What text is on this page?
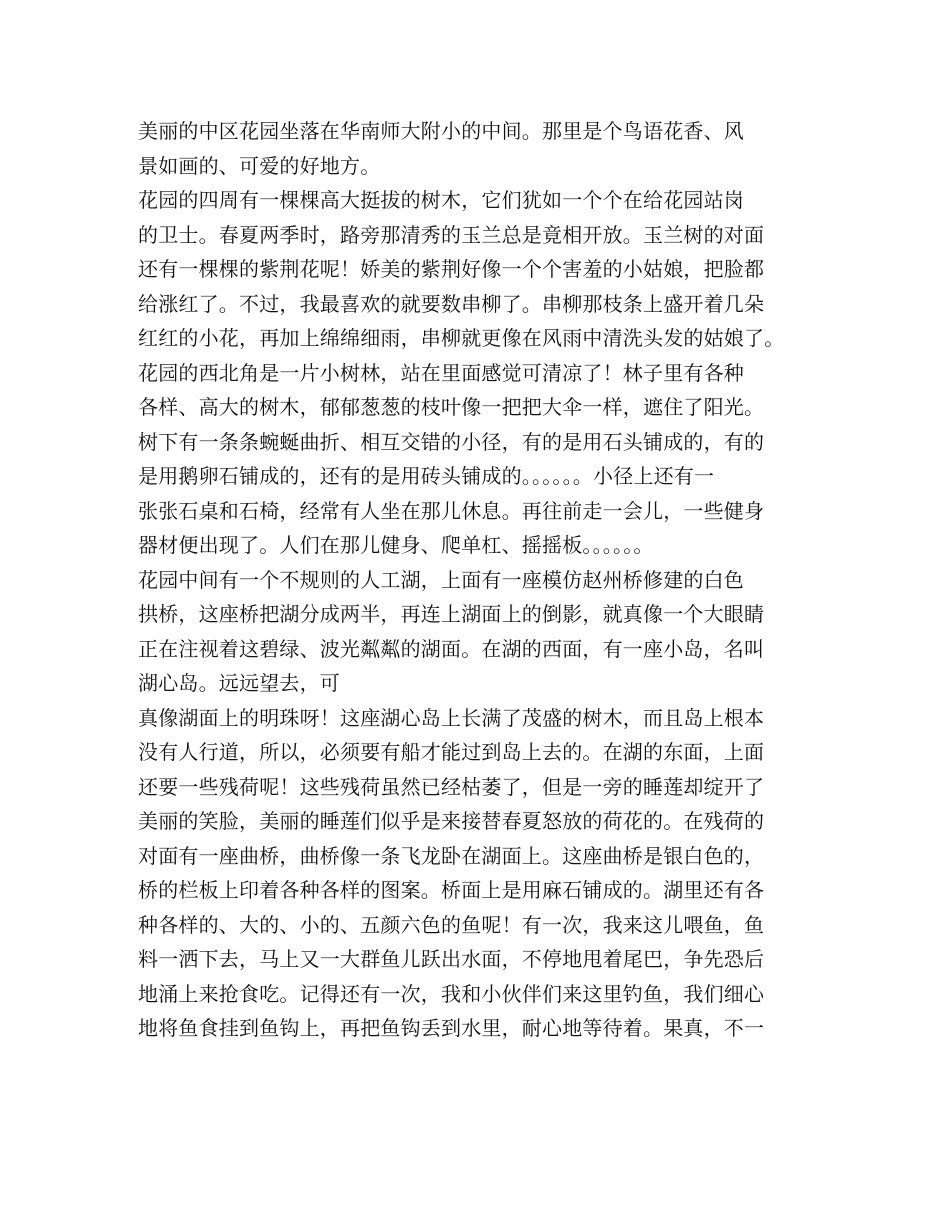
美丽的中区花园坐落在华南师大附小的中间。那里是个鸟语花香、风
景如画的、可爱的好地方。
花园的四周有一棵棵高大挺拔的树木，它们犹如一个个在给花园站岗
的卫士。春夏两季时，路旁那清秀的玉兰总是竟相开放。玉兰树的对面
还有一棵棵的紫荆花呢！娇美的紫荆好像一个个害羞的小姑娘，把脸都
给涨红了。不过，我最喜欢的就要数串柳了。串柳那枝条上盛开着几朵
红红的小花，再加上绵绵细雨，串柳就更像在风雨中清洗头发的姑娘了。
花园的西北角是一片小树林，站在里面感觉可清凉了！林子里有各种
各样、高大的树木，郁郁葱葱的枝叶像一把把大伞一样，遮住了阳光。
树下有一条条蜿蜒曲折、相互交错的小径，有的是用石头铺成的，有的
是用鹅卵石铺成的，还有的是用砖头铺成的。。。。。。小径上还有一
张张石桌和石椅，经常有人坐在那儿休息。再往前走一会儿，一些健身
器材便出现了。人们在那儿健身、爬单杠、摇摇板。。。。。。
花园中间有一个不规则的人工湖，上面有一座模仿赵州桥修建的白色
拱桥，这座桥把湖分成两半，再连上湖面上的倒影，就真像一个大眼睛
正在注视着这碧绿、波光粼粼的湖面。在湖的西面，有一座小岛，名叫
湖心岛。远远望去，可
真像湖面上的明珠呀！这座湖心岛上长满了茂盛的树木，而且岛上根本
没有人行道，所以，必须要有船才能过到岛上去的。在湖的东面，上面
还要一些残荷呢！这些残荷虽然已经枯萎了，但是一旁的睡莲却绽开了
美丽的笑脸，美丽的睡莲们似乎是来接替春夏怒放的荷花的。在残荷的
对面有一座曲桥，曲桥像一条飞龙卧在湖面上。这座曲桥是银白色的，
桥的栏板上印着各种各样的图案。桥面上是用麻石铺成的。湖里还有各
种各样的、大的、小的、五颜六色的鱼呢！有一次，我来这儿喂鱼，鱼
料一洒下去，马上又一大群鱼儿跃出水面，不停地甩着尾巴，争先恐后
地涌上来抢食吃。记得还有一次，我和小伙伴们来这里钓鱼，我们细心
地将鱼食挂到鱼钩上，再把鱼钩丢到水里，耐心地等待着。果真，不一
